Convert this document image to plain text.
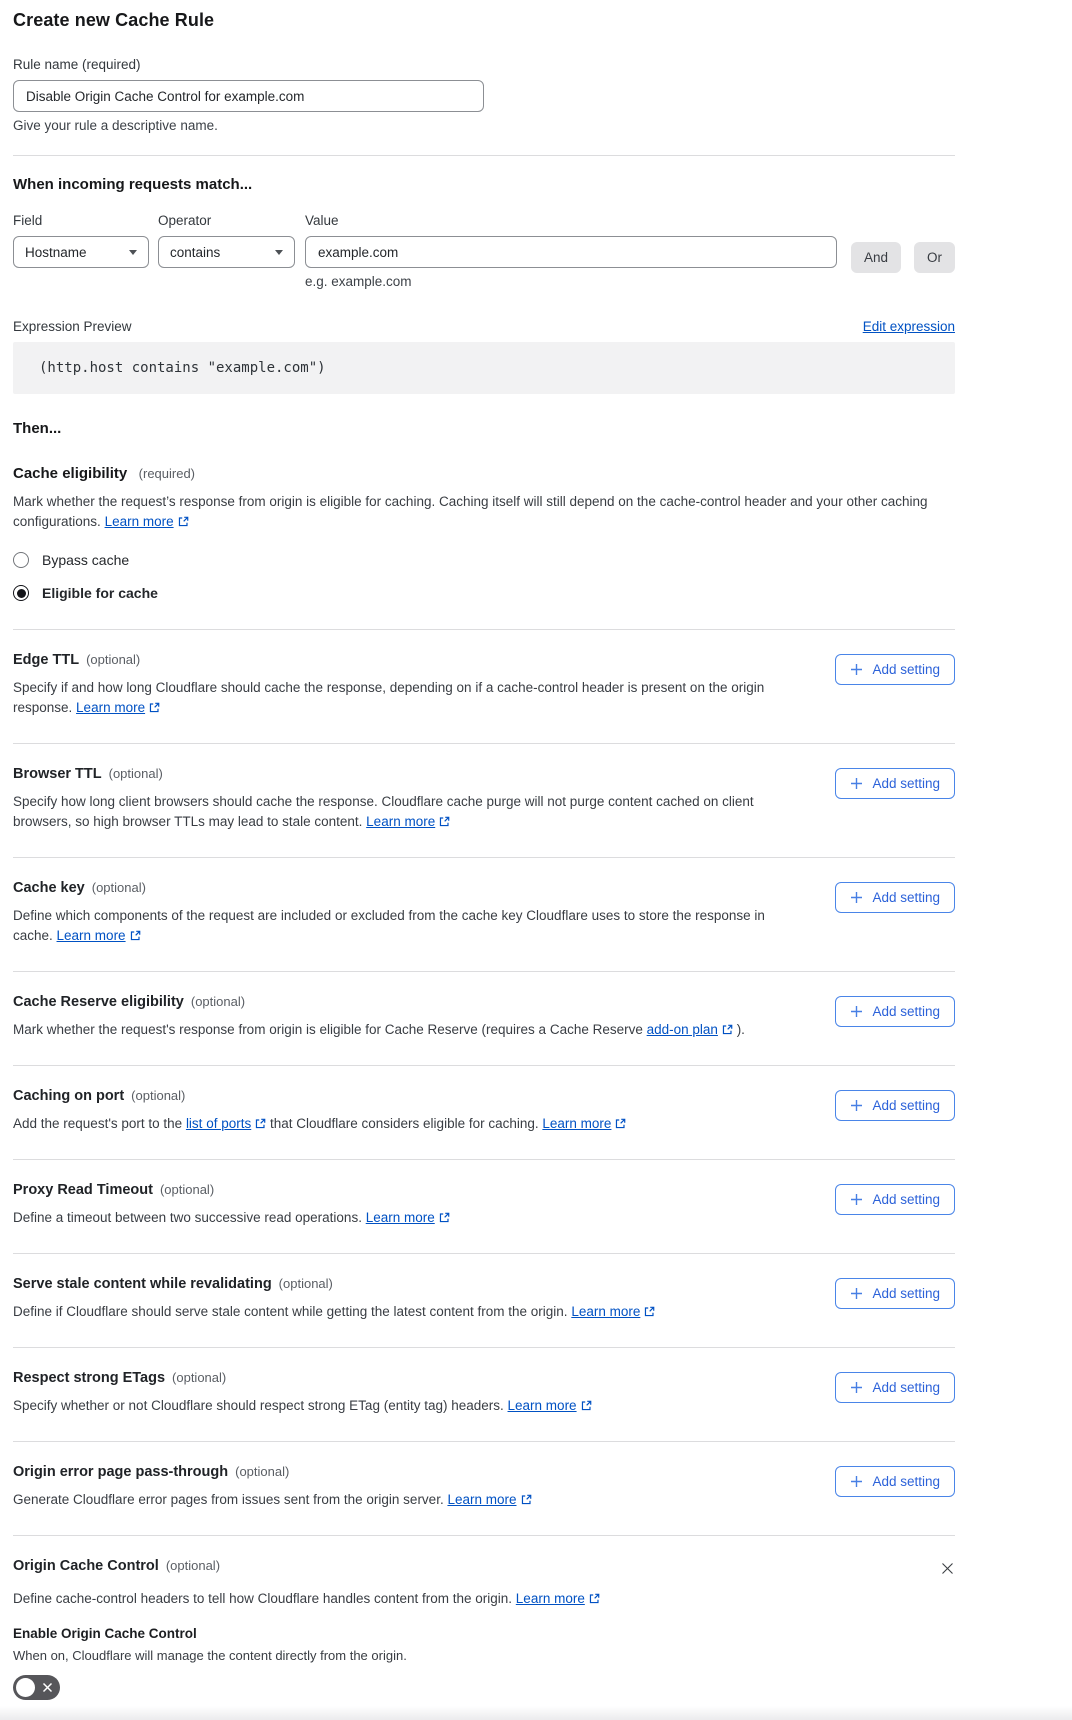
Create new Cache Rule
Rule name (required)
Disable Origin Cache Control for example.com
Give your rule a descriptive name.
When incoming requests match...
Field
Hostname
Operator
contains
Value
example.com
e.g. example.com
And	Or
Expression Preview	Edit expression
(http.host contains "example.com")
Then...
Cache eligibility (required)

Mark whether the request’s response from origin is eligible for caching. Caching itself will still depend on the cache-control header and your other caching configurations. Learn more

Bypass cache
Eligible for cache
Edge TTL (optional)

Specify if and how long Cloudflare should cache the response, depending on if a cache-control header is present on the origin response. Learn more

Add setting
Browser TTL (optional)

Specify how long client browsers should cache the response. Cloudflare cache purge will not purge content cached on client browsers, so high browser TTLs may lead to stale content. Learn more

Add setting
Cache key (optional)

Define which components of the request are included or excluded from the cache key Cloudflare uses to store the response in cache. Learn more

Add setting
Cache Reserve eligibility (optional)

Mark whether the request's response from origin is eligible for Cache Reserve (requires a Cache Reserve add-on plan ).

Add setting
Caching on port (optional)

Add the request's port to the list of ports that Cloudflare considers eligible for caching. Learn more

Add setting
Proxy Read Timeout (optional)

Define a timeout between two successive read operations. Learn more

Add setting
Serve stale content while revalidating (optional)

Define if Cloudflare should serve stale content while getting the latest content from the origin. Learn more

Add setting
Respect strong ETags (optional)

Specify whether or not Cloudflare should respect strong ETag (entity tag) headers. Learn more

Add setting
Origin error page pass-through (optional)

Generate Cloudflare error pages from issues sent from the origin server. Learn more

Add setting
Origin Cache Control (optional)

Define cache-control headers to tell how Cloudflare handles content from the origin. Learn more

Enable Origin Cache Control
When on, Cloudflare will manage the content directly from the origin.
